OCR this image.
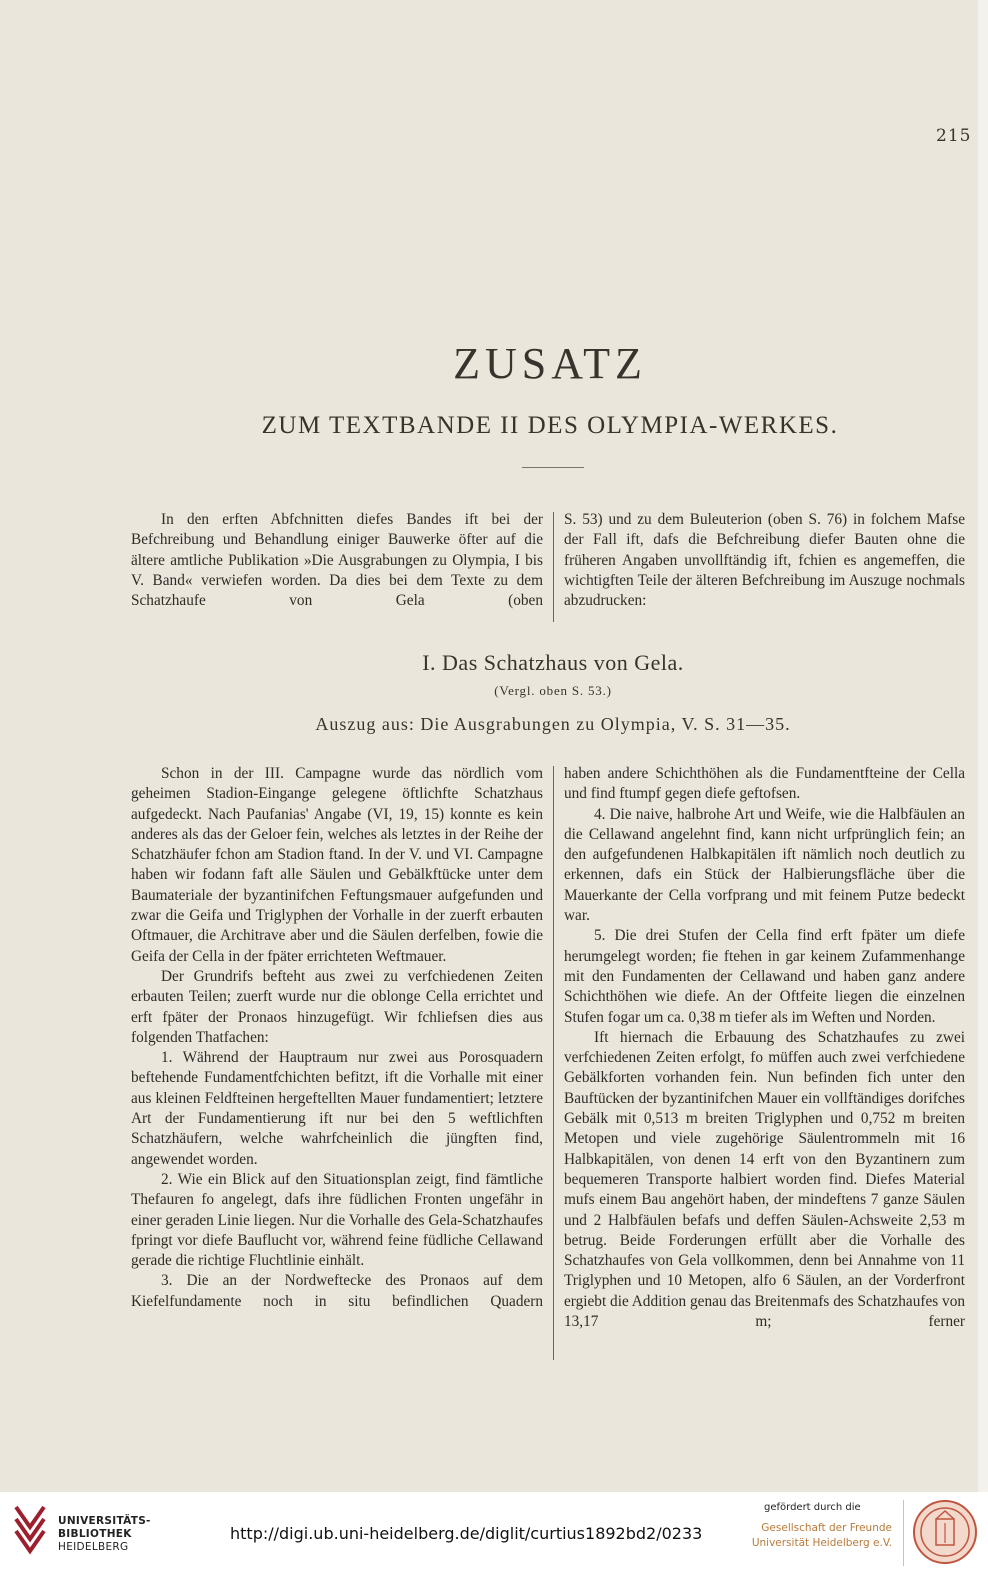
215
ZUSATZ
ZUM TEXTBANDE II DES OLYMPIA-WERKES.

In den erften Abfchnitten diefes Bandes ift bei der Befchreibung und Behandlung einiger Bauwerke öfter auf die ältere amtliche Publikation »Die Ausgrabungen zu Olympia, I bis V. Band« verwiefen worden. Da dies bei dem Texte zu dem Schatzhaufe von Gela (oben

S. 53) und zu dem Buleuterion (oben S. 76) in folchem Mafse der Fall ift, dafs die Befchreibung diefer Bauten ohne die früheren Angaben unvollftändig ift, fchien es angemeffen, die wichtigften Teile der älteren Befchreibung im Auszuge nochmals abzudrucken:

I. Das Schatzhaus von Gela.
(Vergl. oben S. 53.)
Auszug aus: Die Ausgrabungen zu Olympia, V. S. 31—35.

Schon in der III. Campagne wurde das nördlich vom geheimen Stadion-Eingange gelegene öftlichfte Schatzhaus aufgedeckt. Nach Paufanias' Angabe (VI, 19, 15) konnte es kein anderes als das der Geloer fein, welches als letztes in der Reihe der Schatzhäufer fchon am Stadion ftand. In der V. und VI. Campagne haben wir fodann faft alle Säulen und Gebälkftücke unter dem Baumateriale der byzantinifchen Feftungsmauer aufgefunden und zwar die Geifa und Triglyphen der Vorhalle in der zuerft erbauten Oftmauer, die Architrave aber und die Säulen derfelben, fowie die Geifa der Cella in der fpäter errichteten Weftmauer.

Der Grundrifs befteht aus zwei zu verfchiedenen Zeiten erbauten Teilen; zuerft wurde nur die oblonge Cella errichtet und erft fpäter der Pronaos hinzugefügt. Wir fchliefsen dies aus folgenden Thatfachen:

1. Während der Hauptraum nur zwei aus Porosquadern beftehende Fundamentfchichten befitzt, ift die Vorhalle mit einer aus kleinen Feldfteinen hergeftellten Mauer fundamentiert; letztere Art der Fundamentierung ift nur bei den 5 weftlichften Schatzhäufern, welche wahrfcheinlich die jüngften find, angewendet worden.

2. Wie ein Blick auf den Situationsplan zeigt, find fämtliche Thefauren fo angelegt, dafs ihre füdlichen Fronten ungefähr in einer geraden Linie liegen. Nur die Vorhalle des Gela-Schatzhaufes fpringt vor diefe Bauflucht vor, während feine füdliche Cellawand gerade die richtige Fluchtlinie einhält.

3. Die an der Nordweftecke des Pronaos auf dem Kiefelfundamente noch in situ befindlichen Quadern

haben andere Schichthöhen als die Fundamentfteine der Cella und find ftumpf gegen diefe geftofsen.

4. Die naive, halbrohe Art und Weife, wie die Halbfäulen an die Cellawand angelehnt find, kann nicht urfprünglich fein; an den aufgefundenen Halbkapitälen ift nämlich noch deutlich zu erkennen, dafs ein Stück der Halbierungsfläche über die Mauerkante der Cella vorfprang und mit feinem Putze bedeckt war.

5. Die drei Stufen der Cella find erft fpäter um diefe herumgelegt worden; fie ftehen in gar keinem Zufammenhange mit den Fundamenten der Cellawand und haben ganz andere Schichthöhen wie diefe. An der Oftfeite liegen die einzelnen Stufen fogar um ca. 0,38 m tiefer als im Weften und Norden.

Ift hiernach die Erbauung des Schatzhaufes zu zwei verfchiedenen Zeiten erfolgt, fo müffen auch zwei verfchiedene Gebälkforten vorhanden fein. Nun befinden fich unter den Bauftücken der byzantinifchen Mauer ein vollftändiges dorifches Gebälk mit 0,513 m breiten Triglyphen und 0,752 m breiten Metopen und viele zugehörige Säulentrommeln mit 16 Halbkapitälen, von denen 14 erft von den Byzantinern zum bequemeren Transporte halbiert worden find. Diefes Material mufs einem Bau angehört haben, der mindeftens 7 ganze Säulen und 2 Halbfäulen befafs und deffen Säulen-Achsweite 2,53 m betrug. Beide Forderungen erfüllt aber die Vorhalle des Schatzhaufes von Gela vollkommen, denn bei Annahme von 11 Triglyphen und 10 Metopen, alfo 6 Säulen, an der Vorderfront ergiebt die Addition genau das Breitenmafs des Schatzhaufes von 13,17 m; ferner

UNIVERSITÄTS-
BIBLIOTHEK
HEIDELBERG
http://digi.ub.uni-heidelberg.de/diglit/curtius1892bd2/0233
gefördert durch die
Gesellschaft der Freunde
Universität Heidelberg e.V.
